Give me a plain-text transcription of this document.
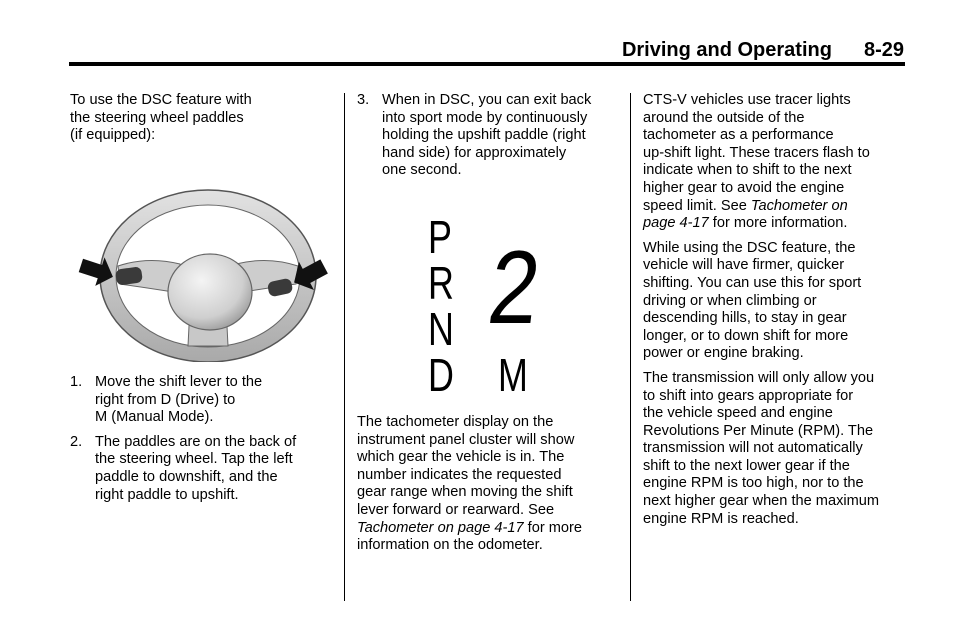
Driving and Operating 8-29
To use the DSC feature with
the steering wheel paddles
(if equipped):
1. Move the shift lever to the
right from D (Drive) to
M (Manual Mode).
2. The paddles are on the back of
the steering wheel. Tap the left
paddle to downshift, and the
right paddle to upshift.
3. When in DSC, you can exit back
into sport mode by continuously
holding the upshift paddle (right
hand side) for approximately
one second.
P
R
N
D
2
M
The tachometer display on the
instrument panel cluster will show
which gear the vehicle is in. The
number indicates the requested
gear range when moving the shift
lever forward or rearward. See
Tachometer on page 4-17 for more
information on the odometer.

CTS-V vehicles use tracer lights
around the outside of the
tachometer as a performance
up-shift light. These tracers flash to
indicate when to shift to the next
higher gear to avoid the engine
speed limit. See Tachometer on
page 4-17 for more information.

While using the DSC feature, the
vehicle will have firmer, quicker
shifting. You can use this for sport
driving or when climbing or
descending hills, to stay in gear
longer, or to down shift for more
power or engine braking.

The transmission will only allow you
to shift into gears appropriate for
the vehicle speed and engine
Revolutions Per Minute (RPM). The
transmission will not automatically
shift to the next lower gear if the
engine RPM is too high, nor to the
next higher gear when the maximum
engine RPM is reached.
